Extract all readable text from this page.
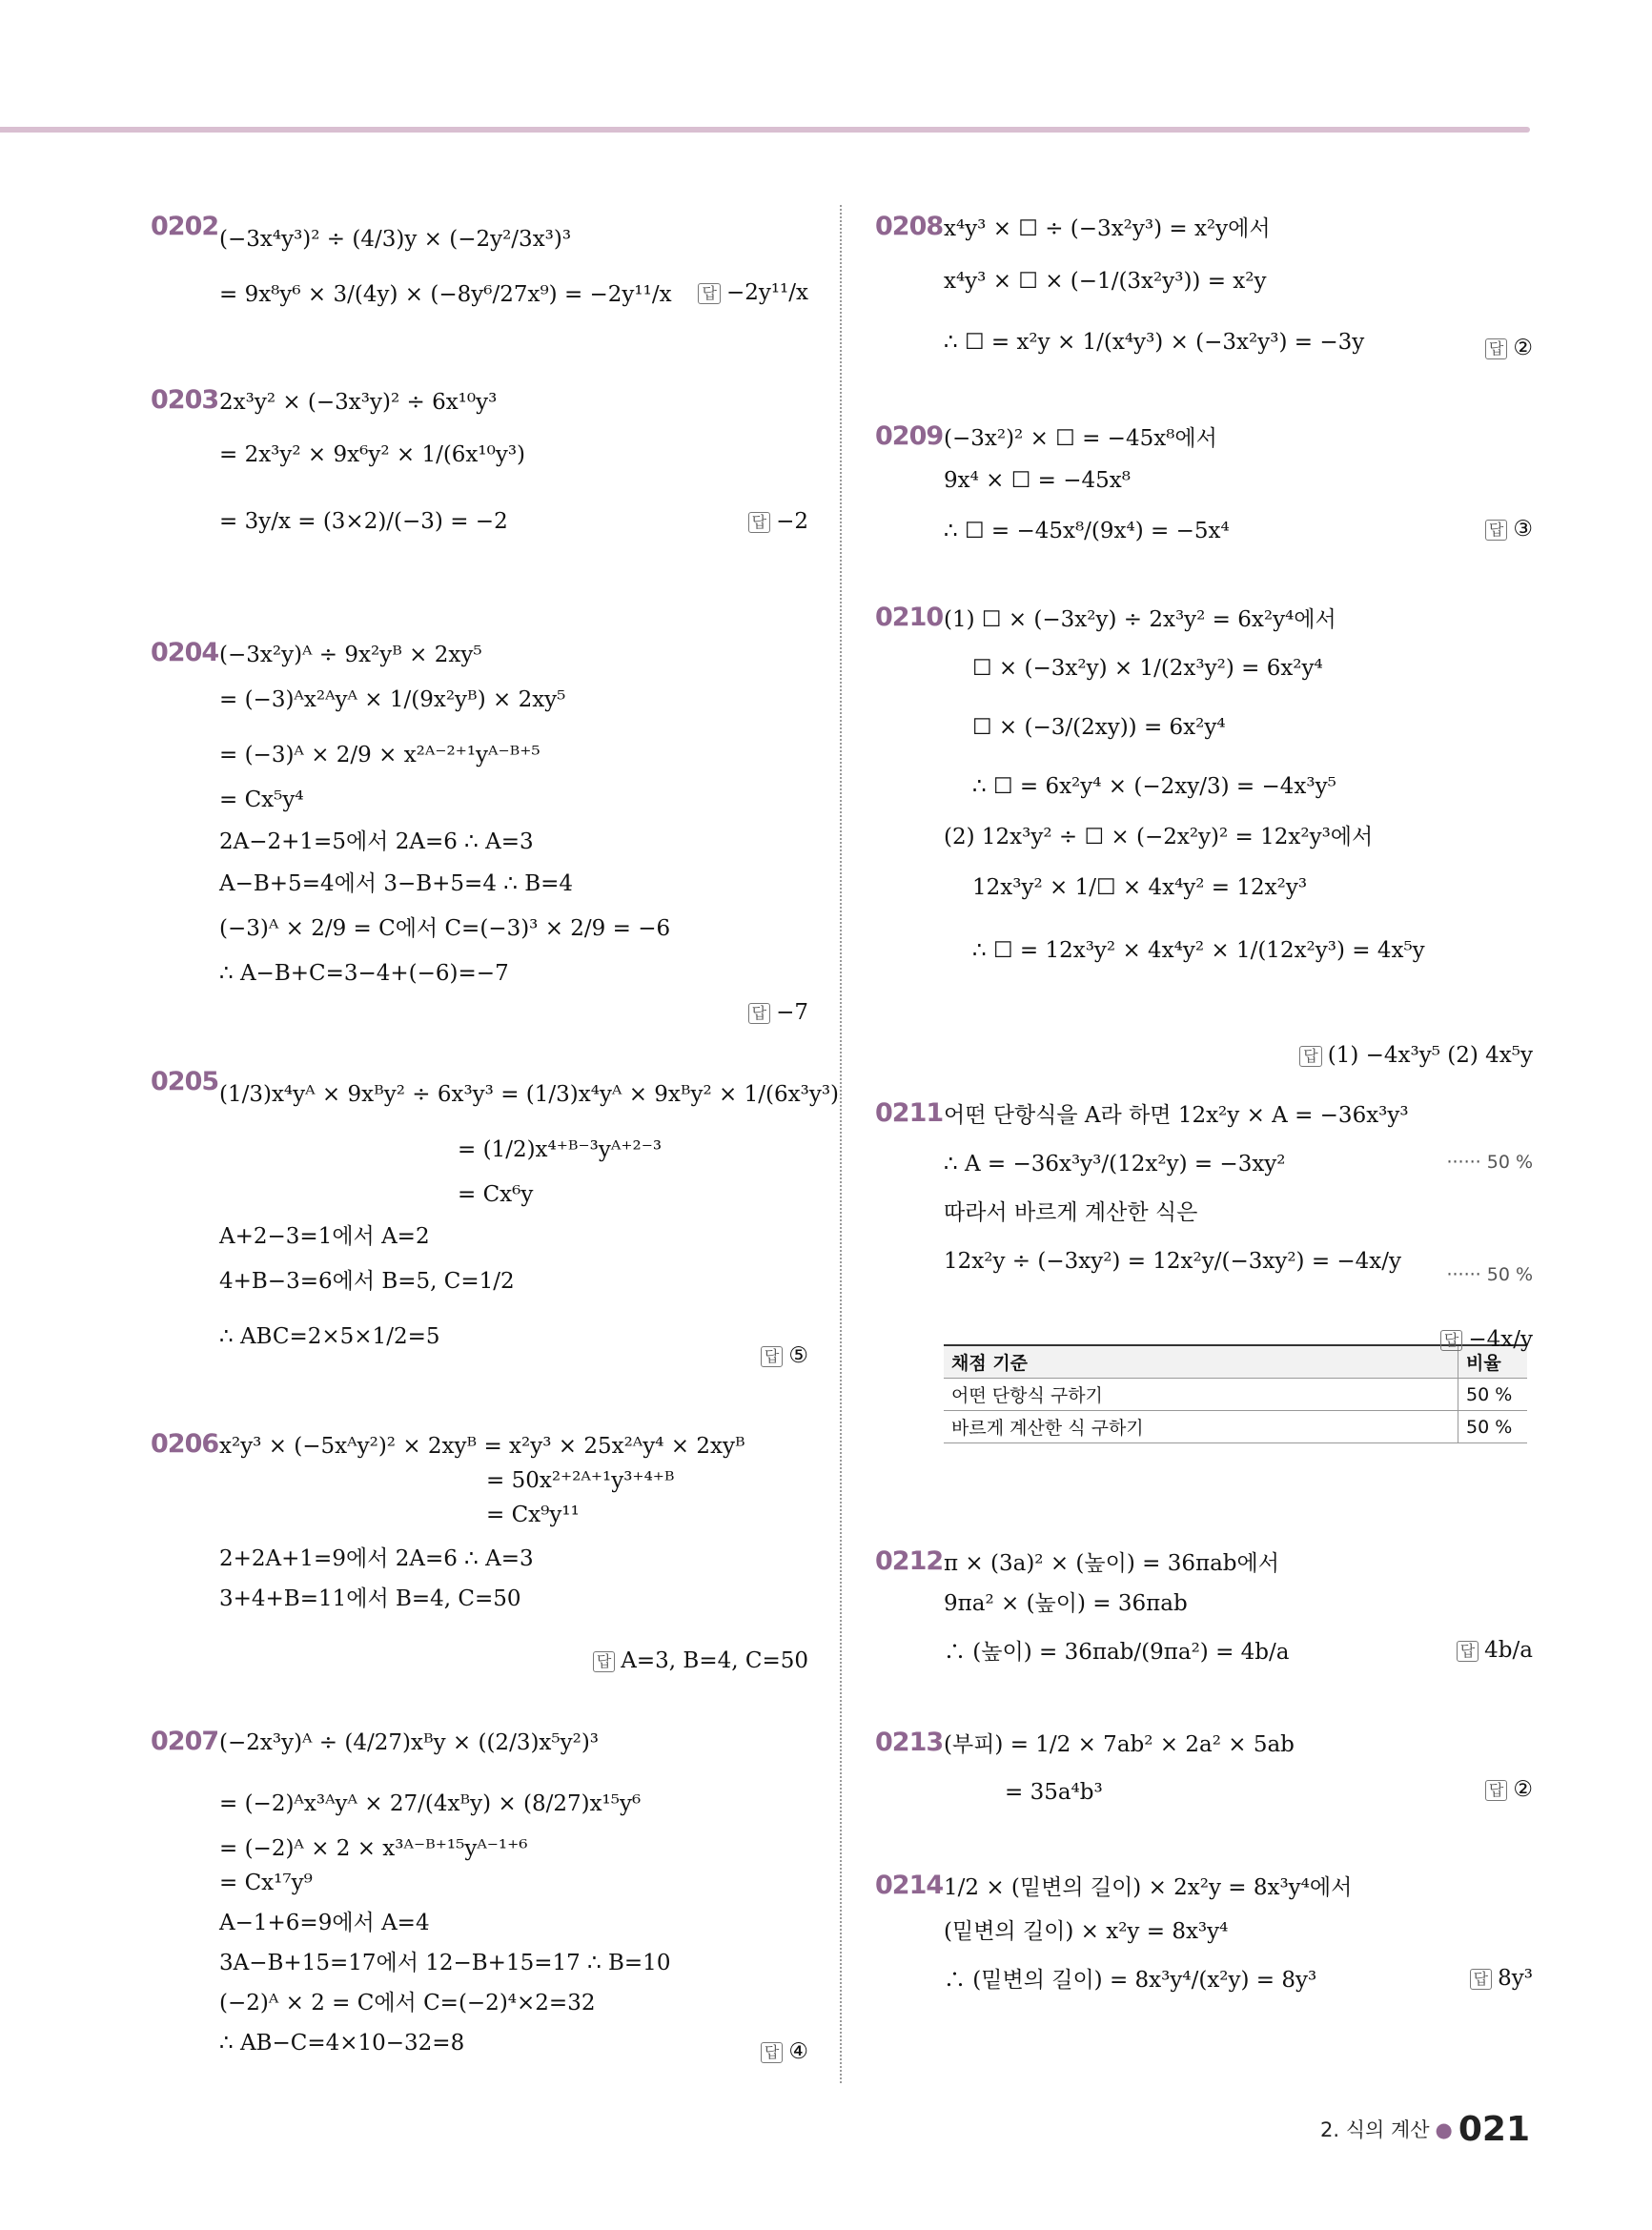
0202 (−3x⁴y³)² ÷ (4/3)y × (−2y²/3x³)³
= 9x⁸y⁶ × 3/(4y) × (−8y⁶/27x⁹) = −2y¹¹/x	답 −2y¹¹/x
0203 2x³y² × (−3x³y)² ÷ 6x¹⁰y³
= 2x³y² × 9x⁶y² × 1/(6x¹⁰y³)
= 3y/x = (3×2)/(−3) = −2	답 −2
0204 (−3x²y)ᴬ ÷ 9x²yᴮ × 2xy⁵
= (−3)ᴬx²ᴬyᴬ × 1/(9x²yᴮ) × 2xy⁵
= (−3)ᴬ × 2/9 × x²ᴬ⁻²⁺¹yᴬ⁻ᴮ⁺⁵
= Cx⁵y⁴
2A−2+1=5에서 2A=6 ∴ A=3
A−B+5=4에서 3−B+5=4 ∴ B=4
(−3)ᴬ × 2/9 = C에서 C=(−3)³ × 2/9 = −6
∴ A−B+C=3−4+(−6)=−7
답 −7
0205 (1/3)x⁴yᴬ × 9xᴮy² ÷ 6x³y³ = (1/3)x⁴yᴬ × 9xᴮy² × 1/(6x³y³)
= (1/2)x⁴⁺ᴮ⁻³yᴬ⁺²⁻³
= Cx⁶y
A+2−3=1에서 A=2
4+B−3=6에서 B=5, C=1/2
∴ ABC=2×5×1/2=5
답 ⑤
0206 x²y³ × (−5xᴬy²)² × 2xyᴮ = x²y³ × 25x²ᴬy⁴ × 2xyᴮ
= 50x²⁺²ᴬ⁺¹y³⁺⁴⁺ᴮ
= Cx⁹y¹¹
2+2A+1=9에서 2A=6 ∴ A=3
3+4+B=11에서 B=4, C=50
답 A=3, B=4, C=50
0207 (−2x³y)ᴬ ÷ (4/27)xᴮy × ((2/3)x⁵y²)³
= (−2)ᴬx³ᴬyᴬ × 27/(4xᴮy) × (8/27)x¹⁵y⁶
= (−2)ᴬ × 2 × x³ᴬ⁻ᴮ⁺¹⁵yᴬ⁻¹⁺⁶
= Cx¹⁷y⁹
A−1+6=9에서 A=4
3A−B+15=17에서 12−B+15=17 ∴ B=10
(−2)ᴬ × 2 = C에서 C=(−2)⁴×2=32
∴ AB−C=4×10−32=8	답 ④
0208 x⁴y³ × ☐ ÷ (−3x²y³) = x²y에서
x⁴y³ × ☐ × (−1/(3x²y³)) = x²y
∴ ☐ = x²y × 1/(x⁴y³) × (−3x²y³) = −3y	답 ②
0209 (−3x²)² × ☐ = −45x⁸에서
9x⁴ × ☐ = −45x⁸
∴ ☐ = −45x⁸/(9x⁴) = −5x⁴	답 ③
0210 (1) ☐ × (−3x²y) ÷ 2x³y² = 6x²y⁴에서
☐ × (−3x²y) × 1/(2x³y²) = 6x²y⁴
☐ × (−3/(2xy)) = 6x²y⁴
∴ ☐ = 6x²y⁴ × (−2xy/3) = −4x³y⁵
(2) 12x³y² ÷ ☐ × (−2x²y)² = 12x²y³에서
12x³y² × 1/☐ × 4x⁴y² = 12x²y³
∴ ☐ = 12x³y² × 4x⁴y² × 1/(12x²y³) = 4x⁵y
답 (1) −4x³y⁵ (2) 4x⁵y
0211 어떤 단항식을 A라 하면 12x²y × A = −36x³y³
∴ A = −36x³y³/(12x²y) = −3xy²
따라서 바르게 계산한 식은
12x²y ÷ (−3xy²) = 12x²y/(−3xy²) = −4x/y
······ 50 %
······ 50 %
답 −4x/y
채점 기준	비율
어떤 단항식 구하기	50 %
바르게 계산한 식 구하기	50 %
0212 π × (3a)² × (높이) = 36πab에서
9πa² × (높이) = 36πab
∴ (높이) = 36πab/(9πa²) = 4b/a	답 4b/a
0213 (부피) = 1/2 × 7ab² × 2a² × 5ab
= 35a⁴b³	답 ②
0214 1/2 × (밑변의 길이) × 2x²y = 8x³y⁴에서
(밑변의 길이) × x²y = 8x³y⁴
∴ (밑변의 길이) = 8x³y⁴/(x²y) = 8y³	답 8y³
2. 식의 계산 ● 021
